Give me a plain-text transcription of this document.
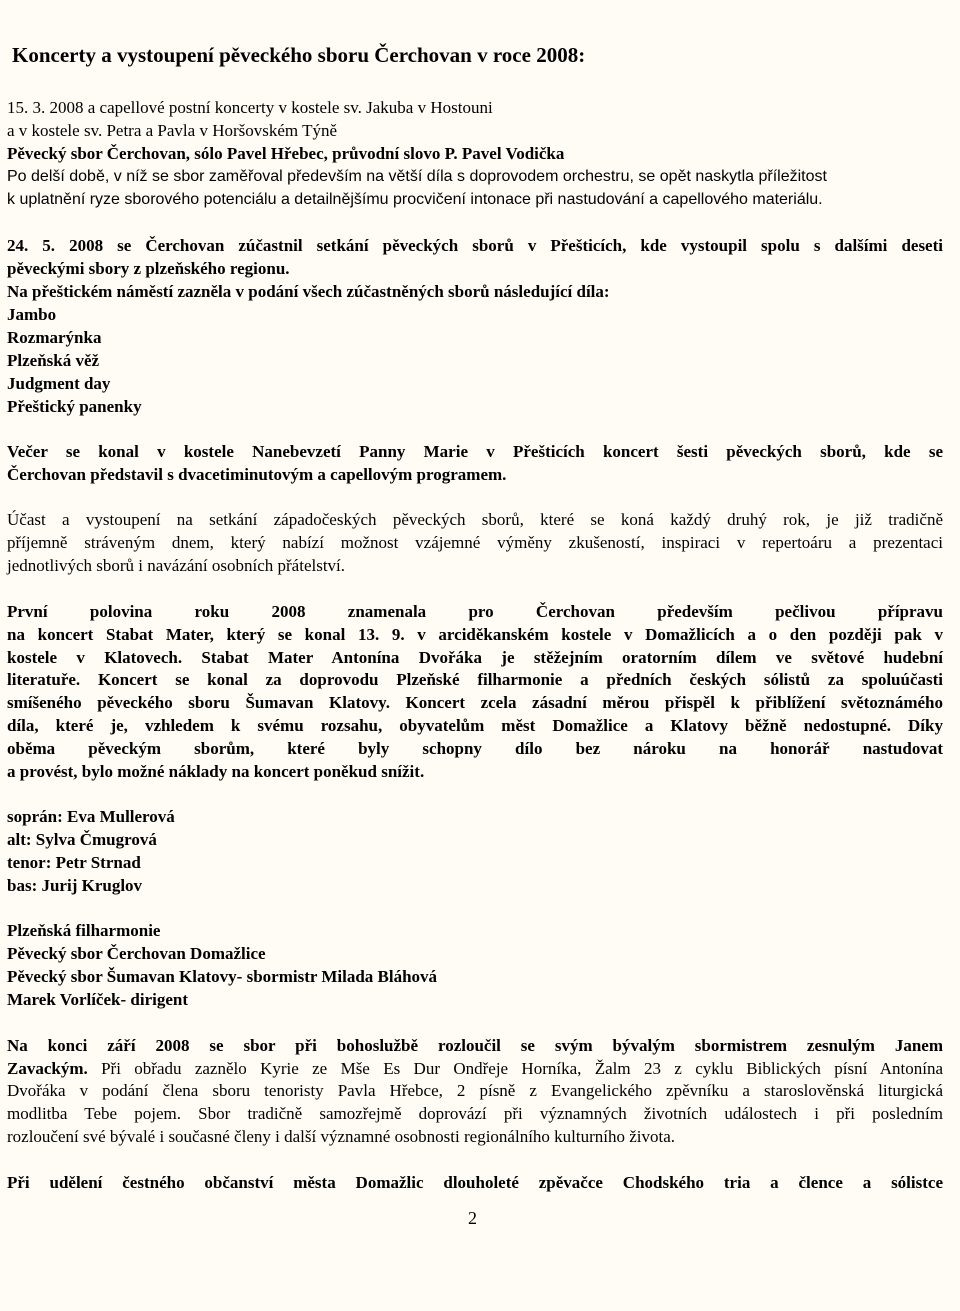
Koncerty a vystoupení pěveckého sboru Čerchovan v roce 2008:
15. 3. 2008 a capellové postní koncerty v kostele sv. Jakuba v Hostouni
a v kostele sv. Petra a Pavla v Horšovském Týně
Pěvecký sbor Čerchovan, sólo Pavel Hřebec, průvodní slovo P. Pavel Vodička
Po delší době, v níž se sbor zaměřoval především na větší díla s doprovodem orchestru, se opět naskytla příležitost
k uplatnění ryze sborového potenciálu a detailnějšímu procvičení intonace při nastudování a capellového materiálu.
24. 5. 2008 se Čerchovan zúčastnil setkání pěveckých sborů v Přešticích, kde vystoupil spolu s dalšími deseti
pěveckými sbory z plzeňského regionu.
Na přeštickém náměstí zazněla v podání všech zúčastněných sborů následující díla:
Jambo
Rozmarýnka
Plzeňská věž
Judgment day
Přeštický panenky
Večer se konal v kostele Nanebevzetí Panny Marie v Přešticích koncert šesti pěveckých sborů, kde se
Čerchovan představil s dvacetiminutovým a capellovým programem.
Účast a vystoupení na setkání západočeských pěveckých sborů, které se koná každý druhý rok, je již tradičně
příjemně stráveným dnem, který nabízí možnost vzájemné výměny zkušeností, inspiraci v repertoáru a prezentaci
jednotlivých sborů i navázání osobních přátelství.
První polovina roku 2008 znamenala pro Čerchovan především pečlivou přípravu
na koncert Stabat Mater, který se konal 13. 9. v arciděkanském kostele v Domažlicích a o den později pak v
kostele v Klatovech. Stabat Mater Antonína Dvořáka je stěžejním oratorním dílem ve světové hudební
literatuře. Koncert se konal za doprovodu Plzeňské filharmonie a předních českých sólistů za spoluúčasti
smíšeného pěveckého sboru Šumavan Klatovy. Koncert zcela zásadní měrou přispěl k přiblížení světoznámého
díla, které je, vzhledem k svému rozsahu, obyvatelům měst Domažlice a Klatovy běžně nedostupné. Díky
oběma pěveckým sborům, které byly schopny dílo bez nároku na honorář nastudovat
a provést, bylo možné náklady na koncert poněkud snížit.
soprán: Eva Mullerová
alt: Sylva Čmugrová
tenor: Petr Strnad
bas: Jurij Kruglov
Plzeňská filharmonie
Pěvecký sbor Čerchovan Domažlice
Pěvecký sbor Šumavan Klatovy- sbormistr Milada Bláhová
Marek Vorlíček- dirigent
Na konci září 2008 se sbor při bohoslužbě rozloučil se svým bývalým sbormistrem zesnulým Janem
Zavackým. Při obřadu zaznělo Kyrie ze Mše Es Dur Ondřeje Horníka, Žalm 23 z cyklu Biblických písní Antonína
Dvořáka v podání člena sboru tenoristy Pavla Hřebce, 2 písně z Evangelického zpěvníku a staroslověnská liturgická
modlitba Tebe pojem. Sbor tradičně samozřejmě doprovází při významných životních událostech i při posledním
rozloučení své bývalé i současné členy i další významné osobnosti regionálního kulturního života.
Při udělení čestného občanství města Domažlic dlouholeté zpěvačce Chodského tria a člence a sólistce
2
